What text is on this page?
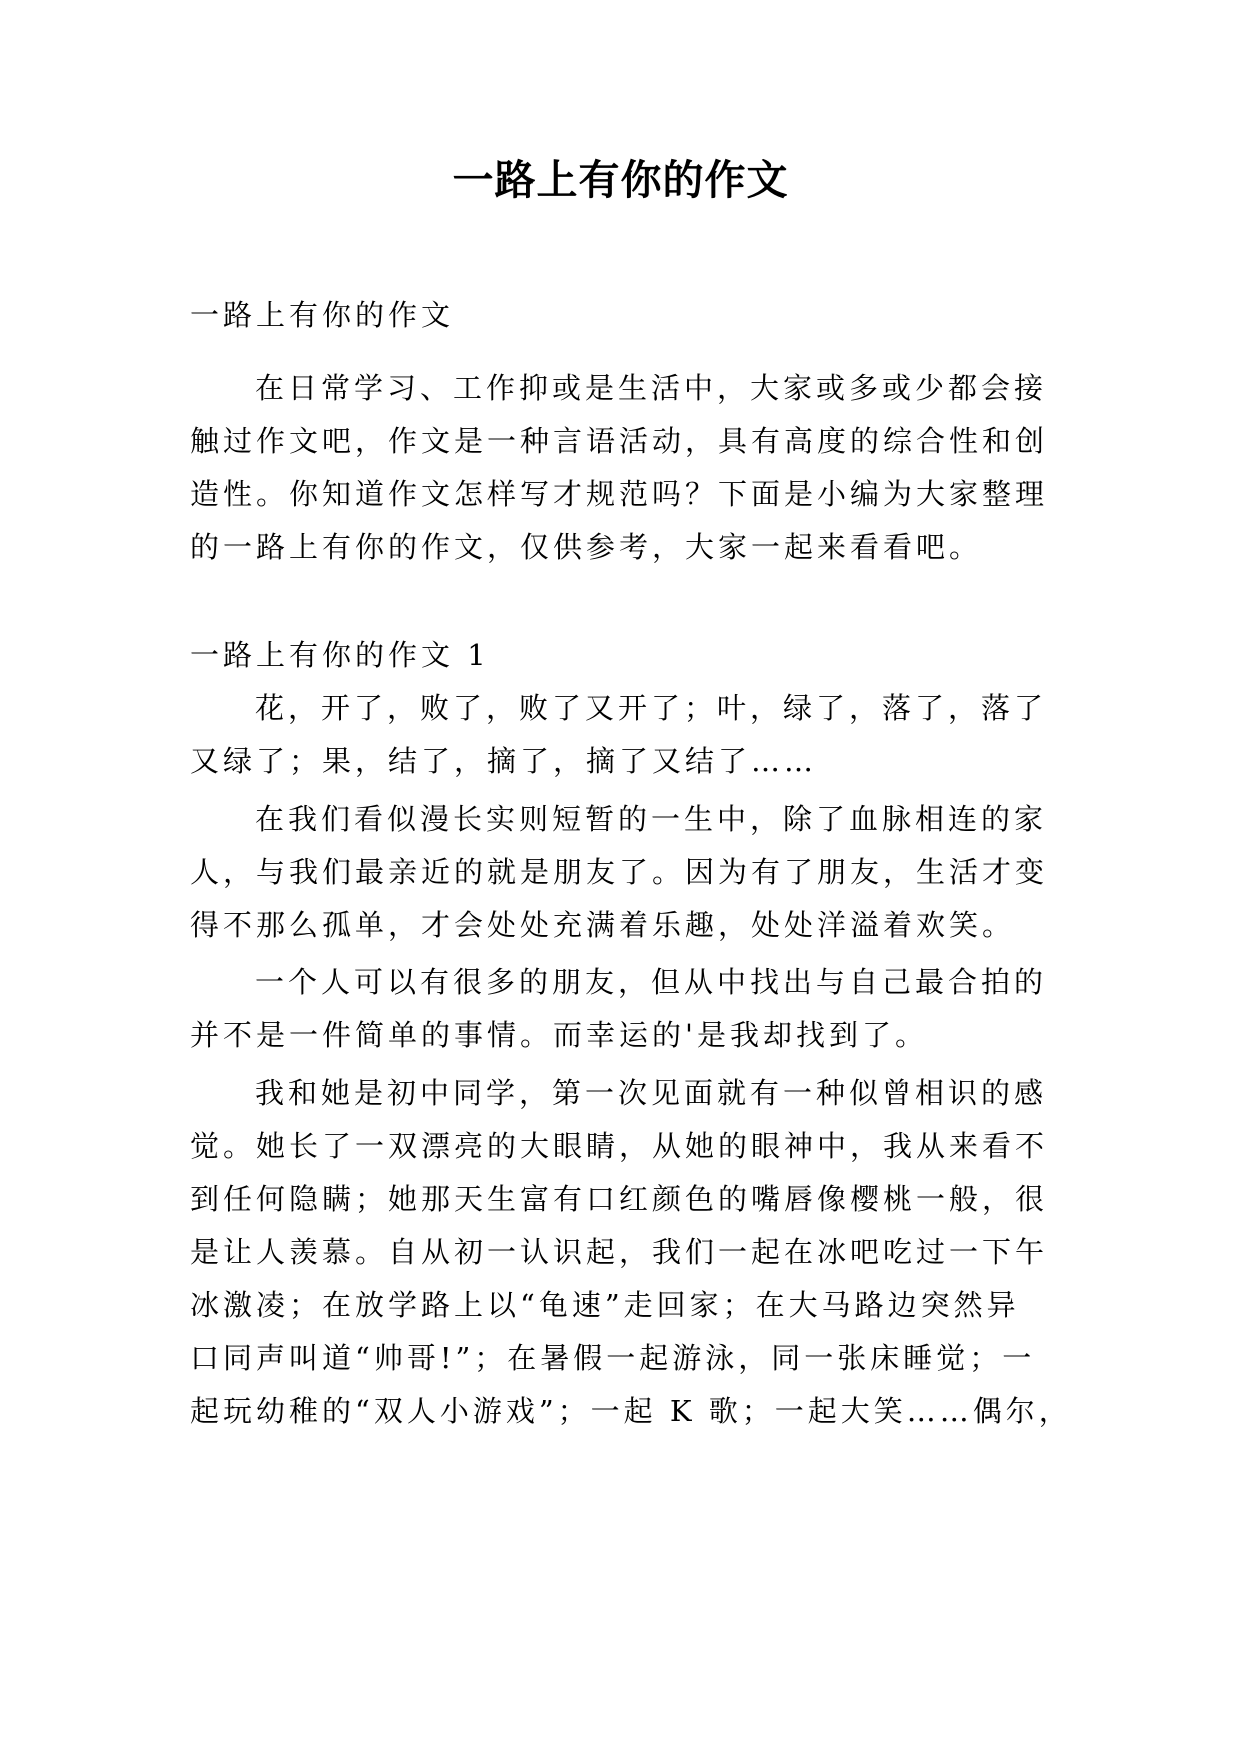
一路上有你的作文
一路上有你的作文
在日常学习、工作抑或是生活中，大家或多或少都会接
触过作文吧，作文是一种言语活动，具有高度的综合性和创
造性。你知道作文怎样写才规范吗？下面是小编为大家整理
的一路上有你的作文，仅供参考，大家一起来看看吧。
一路上有你的作文 1
花，开了，败了，败了又开了；叶，绿了，落了，落了
又绿了；果，结了，摘了，摘了又结了……
在我们看似漫长实则短暂的一生中，除了血脉相连的家
人，与我们最亲近的就是朋友了。因为有了朋友，生活才变
得不那么孤单，才会处处充满着乐趣，处处洋溢着欢笑。
一个人可以有很多的朋友，但从中找出与自己最合拍的
并不是一件简单的事情。而幸运的'是我却找到了。
我和她是初中同学，第一次见面就有一种似曾相识的感
觉。她长了一双漂亮的大眼睛，从她的眼神中，我从来看不
到任何隐瞒；她那天生富有口红颜色的嘴唇像樱桃一般，很
是让人羡慕。自从初一认识起，我们一起在冰吧吃过一下午
冰激凌；在放学路上以“龟速”走回家；在大马路边突然异
口同声叫道“帅哥!”；在暑假一起游泳，同一张床睡觉；一
起玩幼稚的“双人小游戏”；一起 K 歌；一起大笑……偶尔，
